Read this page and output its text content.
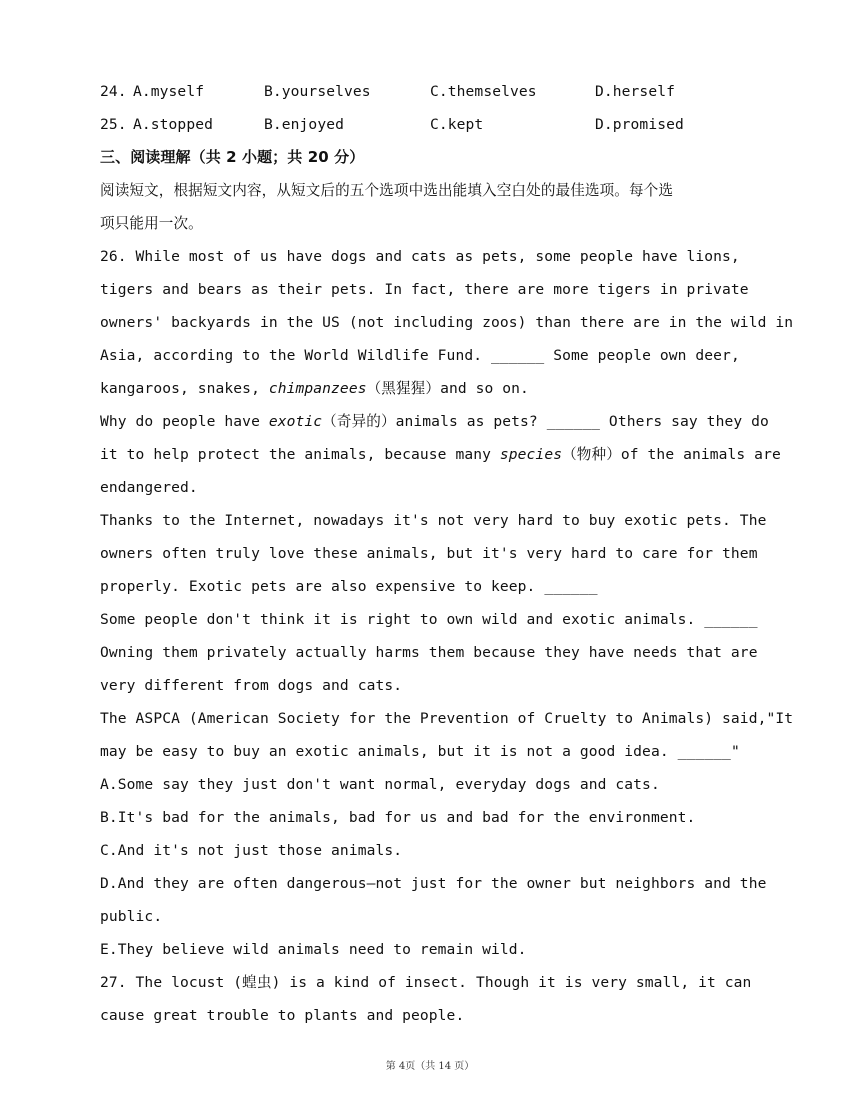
24. A.myself	B.yourselves	C.themselves	D.herself
25. A.stopped	B.enjoyed	C.kept	D.promised
三、阅读理解（共 2 小题；共 20 分）
阅读短文，根据短文内容，从短文后的五个选项中选出能填入空白处的最佳选项。每个选
项只能用一次。
26. While most of us have dogs and cats as pets, some people have lions,
tigers and bears as their pets. In fact, there are more tigers in private
owners' backyards in the US (not including zoos) than there are in the wild in
Asia, according to the World Wildlife Fund. ______ Some people own deer,
kangaroos, snakes, chimpanzees（黑猩猩）and so on.
Why do people have exotic（奇异的）animals as pets? ______ Others say they do
it to help protect the animals, because many species（物种）of the animals are
endangered.
Thanks to the Internet, nowadays it's not very hard to buy exotic pets. The
owners often truly love these animals, but it's very hard to care for them
properly. Exotic pets are also expensive to keep. ______
Some people don't think it is right to own wild and exotic animals. ______
Owning them privately actually harms them because they have needs that are
very different from dogs and cats.
The ASPCA (American Society for the Prevention of Cruelty to Animals) said,"It
may be easy to buy an exotic animals, but it is not a good idea. ______"
A.Some say they just don't want normal, everyday dogs and cats.
B.It's bad for the animals, bad for us and bad for the environment.
C.And it's not just those animals.
D.And they are often dangerous—not just for the owner but neighbors and the
public.
E.They believe wild animals need to remain wild.
27. The locust (蝗虫) is a kind of insect. Though it is very small, it can
cause great trouble to plants and people.
第 4页（共 14 页）
